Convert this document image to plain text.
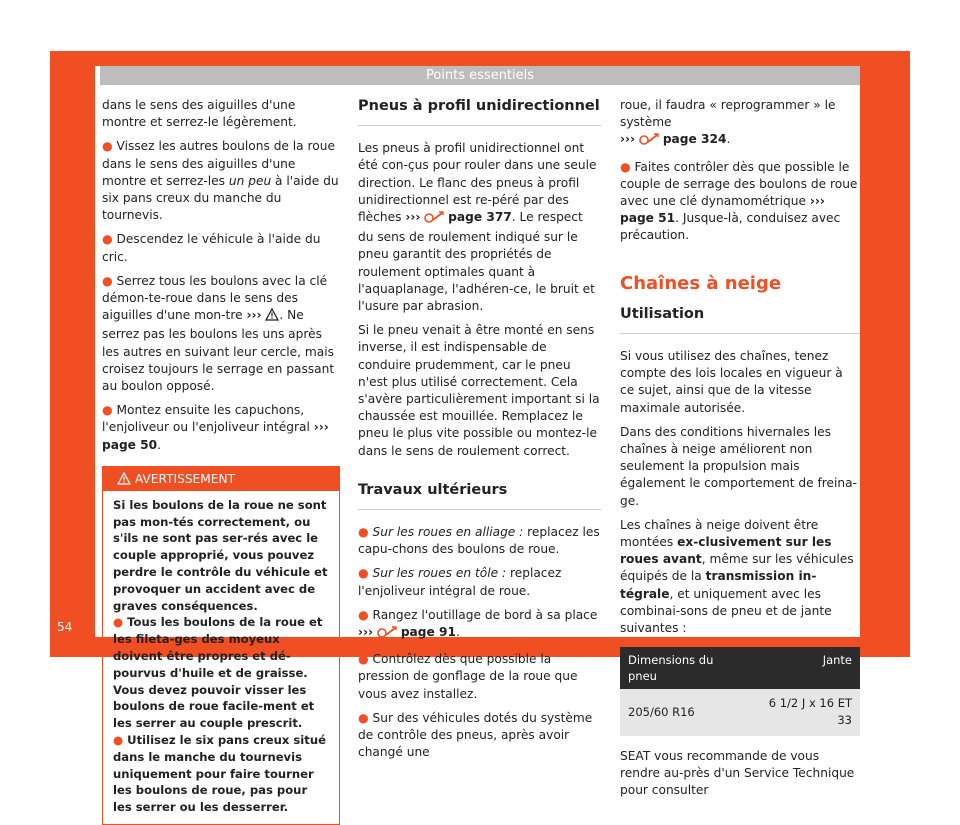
Points essentiels

dans le sens des aiguilles d'une montre et serrez-le légèrement.

● Vissez les autres boulons de la roue dans le sens des aiguilles d'une montre et serrez-les un peu à l'aide du six pans creux du manche du tournevis.

● Descendez le véhicule à l'aide du cric.

● Serrez tous les boulons avec la clé démon-te-roue dans le sens des aiguilles d'une mon-tre ››› . Ne serrez pas les boulons les uns après les autres en suivant leur cercle, mais croisez toujours le serrage en passant au boulon opposé.

● Montez ensuite les capuchons, l'enjoliveur ou l'enjoliveur intégral ››› page 50.

AVERTISSEMENT

Si les boulons de la roue ne sont pas mon-tés correctement, ou s'ils ne sont pas ser-rés avec le couple approprié, vous pouvez perdre le contrôle du véhicule et provoquer un accident avec de graves conséquences.

● Tous les boulons de la roue et les fileta-ges des moyeux doivent être propres et dé-pourvus d'huile et de graisse. Vous devez pouvoir visser les boulons de roue facile-ment et les serrer au couple prescrit.

● Utilisez le six pans creux situé dans le manche du tournevis uniquement pour faire tourner les boulons de roue, pas pour les serrer ou les desserrer.

Pneus à profil unidirectionnel

Les pneus à profil unidirectionnel ont été con-çus pour rouler dans une seule direction. Le flanc des pneus à profil unidirectionnel est re-péré par des flèches ››› page 377. Le respect du sens de roulement indiqué sur le pneu garantit des propriétés de roulement optimales quant à l'aquaplanage, l'adhéren-ce, le bruit et l'usure par abrasion.

Si le pneu venait à être monté en sens inverse, il est indispensable de conduire prudemment, car le pneu n'est plus utilisé correctement. Cela s'avère particulièrement important si la chaussée est mouillée. Remplacez le pneu le plus vite possible ou montez-le dans le sens de roulement correct.

Travaux ultérieurs

● Sur les roues en alliage : replacez les capu-chons des boulons de roue.

● Sur les roues en tôle : replacez l'enjoliveur intégral de roue.

● Rangez l'outillage de bord à sa place
››› page 91.

● Contrôlez dès que possible la pression de gonflage de la roue que vous avez installez.

● Sur des véhicules dotés du système de contrôle des pneus, après avoir changé une

roue, il faudra « reprogrammer » le système
››› page 324.

● Faites contrôler dès que possible le couple de serrage des boulons de roue avec une clé dynamométrique ››› page 51. Jusque-là, conduisez avec précaution.

Chaînes à neige
Utilisation

Si vous utilisez des chaînes, tenez compte des lois locales en vigueur à ce sujet, ainsi que de la vitesse maximale autorisée.

Dans des conditions hivernales les chaînes à neige améliorent non seulement la propulsion mais également le comportement de freina-ge.

Les chaînes à neige doivent être montées ex-clusivement sur les roues avant, même sur les véhicules équipés de la transmission in-tégrale, et uniquement avec les combinai-sons de pneu et de jante suivantes :

Dimensions du pneu	Jante
205/60 R16	6 1/2 J x 16 ET 33

SEAT vous recommande de vous rendre au-près d'un Service Technique pour consulter

54
